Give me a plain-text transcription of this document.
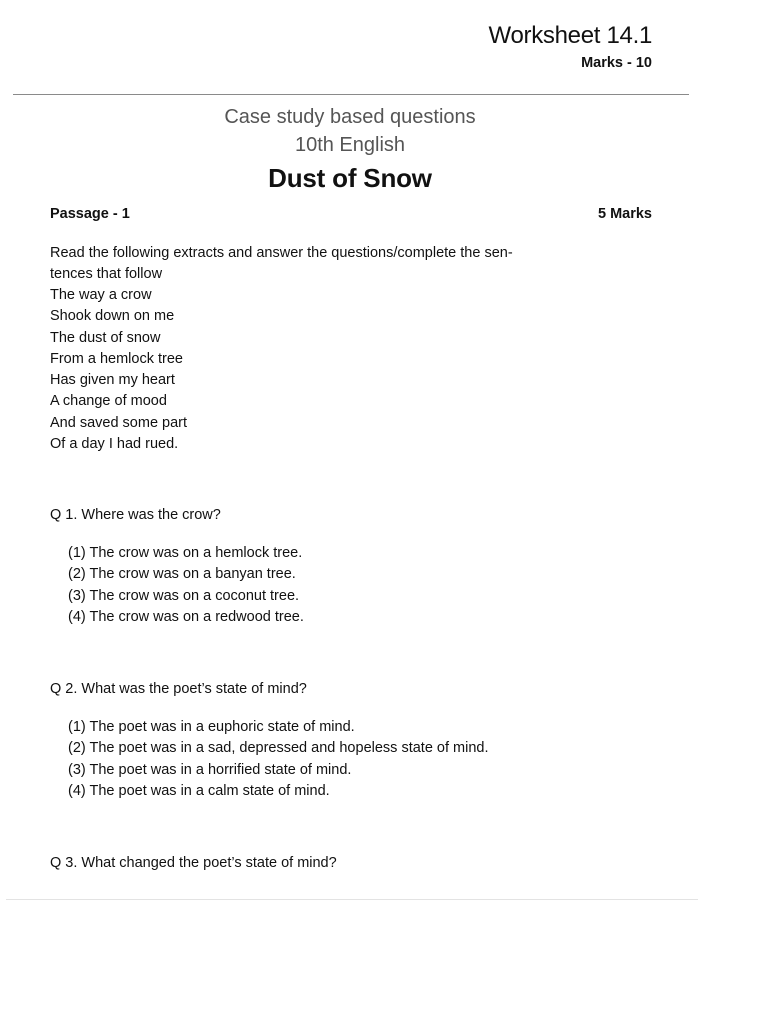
Worksheet 14.1
Marks - 10
Case study based questions
10th English
Dust of Snow
Passage - 1	5 Marks
Read the following extracts and answer the questions/complete the sen-
tences that follow
The way a crow
Shook down on me
The dust of snow
From a hemlock tree
Has given my heart
A change of mood
And saved some part
Of a day I had rued.
Q 1. Where was the crow?
(1) The crow was on a hemlock tree.
(2) The crow was on a banyan tree.
(3) The crow was on a coconut tree.
(4) The crow was on a redwood tree.
Q 2. What was the poet’s state of mind?
(1) The poet was in a euphoric state of mind.
(2) The poet was in a sad, depressed and hopeless state of mind.
(3) The poet was in a horrified state of mind.
(4) The poet was in a calm state of mind.
Q 3. What changed the poet’s state of mind?
